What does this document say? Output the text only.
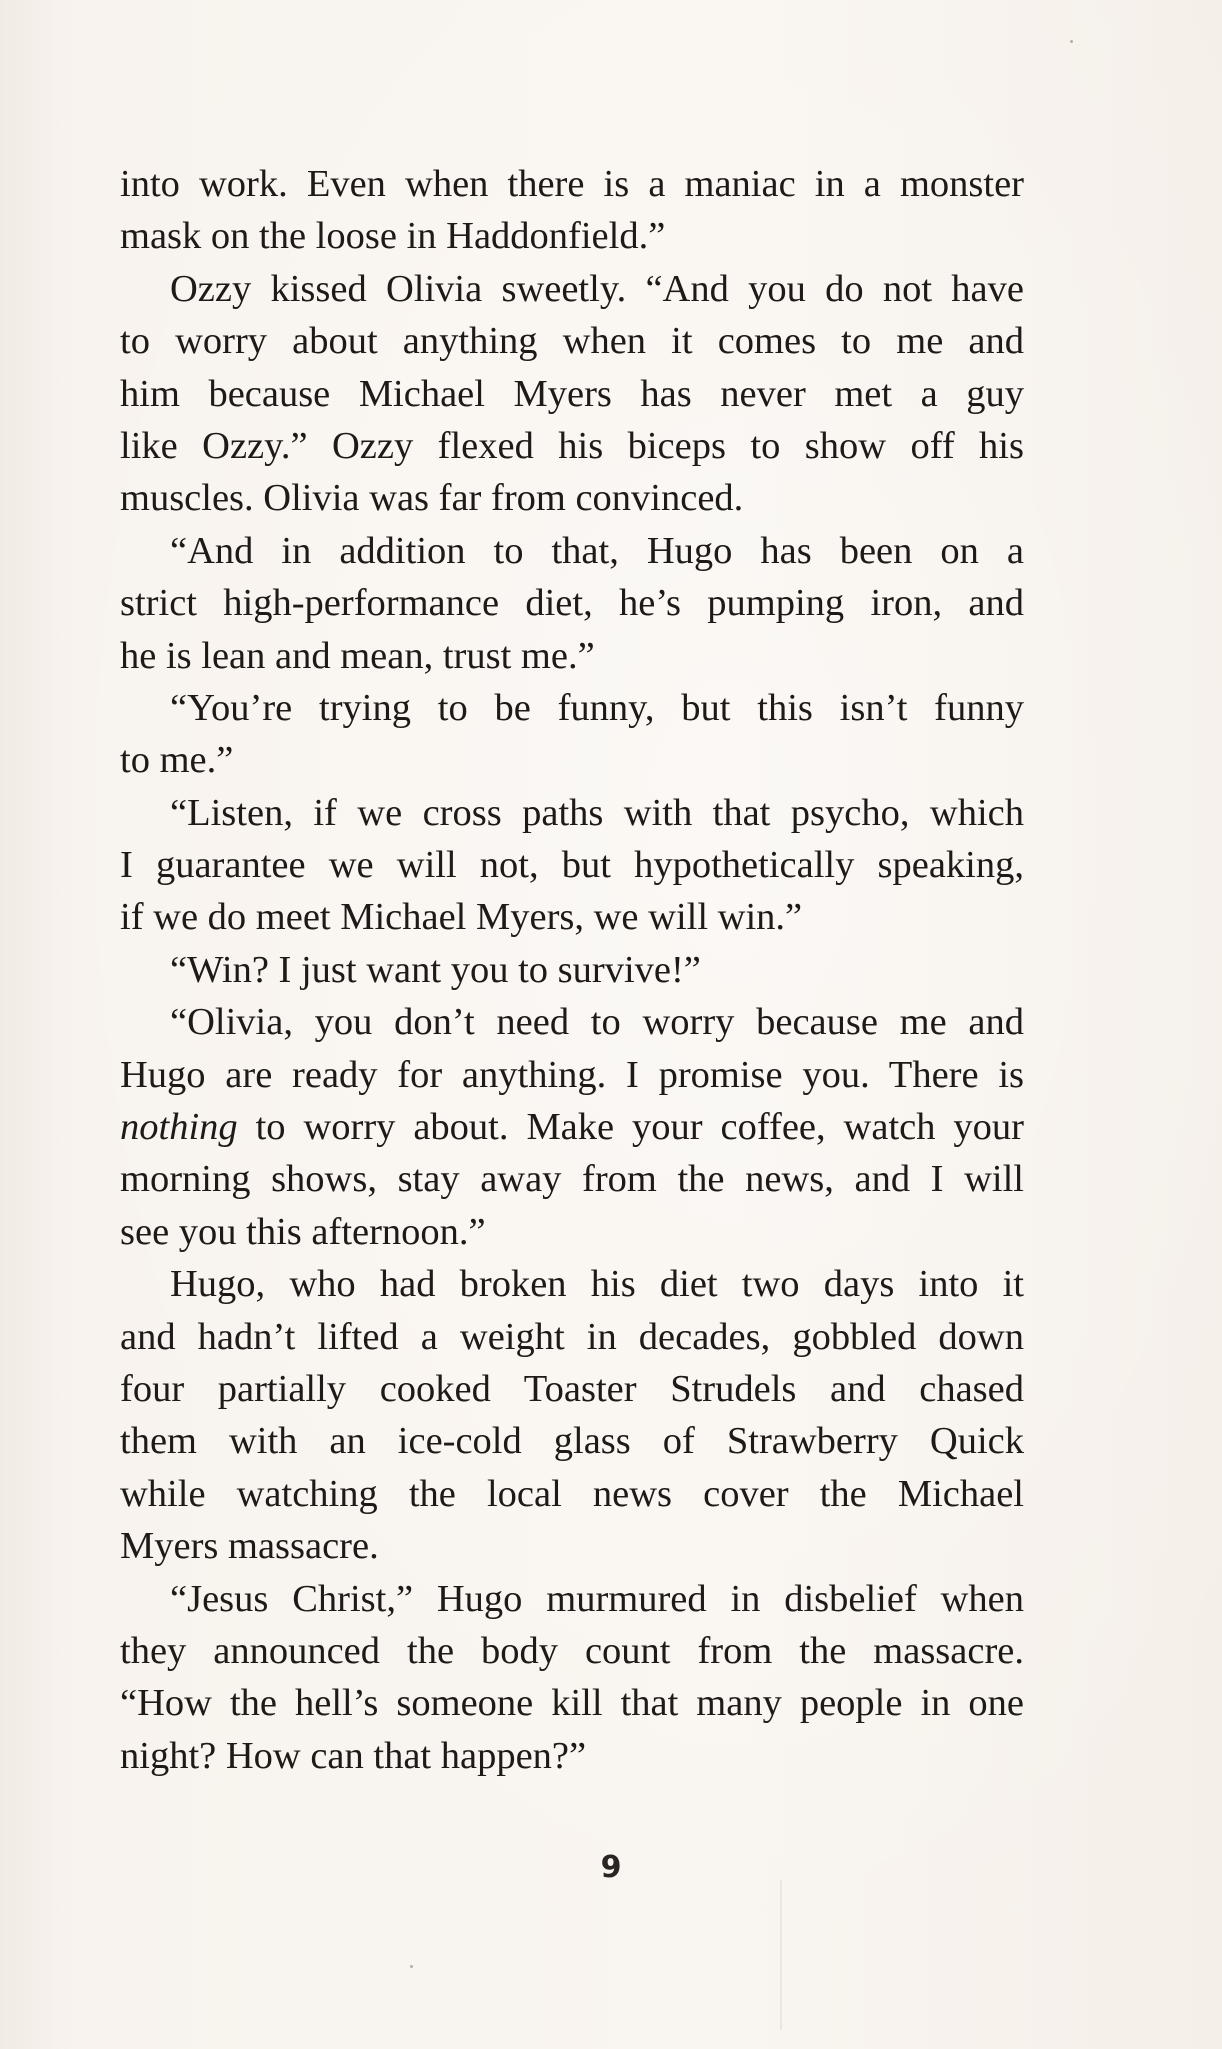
into work. Even when there is a maniac in a monster
mask on the loose in Haddonfield.”
Ozzy kissed Olivia sweetly. “And you do not have
to worry about anything when it comes to me and
him because Michael Myers has never met a guy
like Ozzy.” Ozzy flexed his biceps to show off his
muscles. Olivia was far from convinced.
“And in addition to that, Hugo has been on a
strict high-performance diet, he’s pumping iron, and
he is lean and mean, trust me.”
“You’re trying to be funny, but this isn’t funny
to me.”
“Listen, if we cross paths with that psycho, which
I guarantee we will not, but hypothetically speaking,
if we do meet Michael Myers, we will win.”
“Win? I just want you to survive!”
“Olivia, you don’t need to worry because me and
Hugo are ready for anything. I promise you. There is
nothing to worry about. Make your coffee, watch your
morning shows, stay away from the news, and I will
see you this afternoon.”
Hugo, who had broken his diet two days into it
and hadn’t lifted a weight in decades, gobbled down
four partially cooked Toaster Strudels and chased
them with an ice-cold glass of Strawberry Quick
while watching the local news cover the Michael
Myers massacre.
“Jesus Christ,” Hugo murmured in disbelief when
they announced the body count from the massacre.
“How the hell’s someone kill that many people in one
night? How can that happen?”
9
